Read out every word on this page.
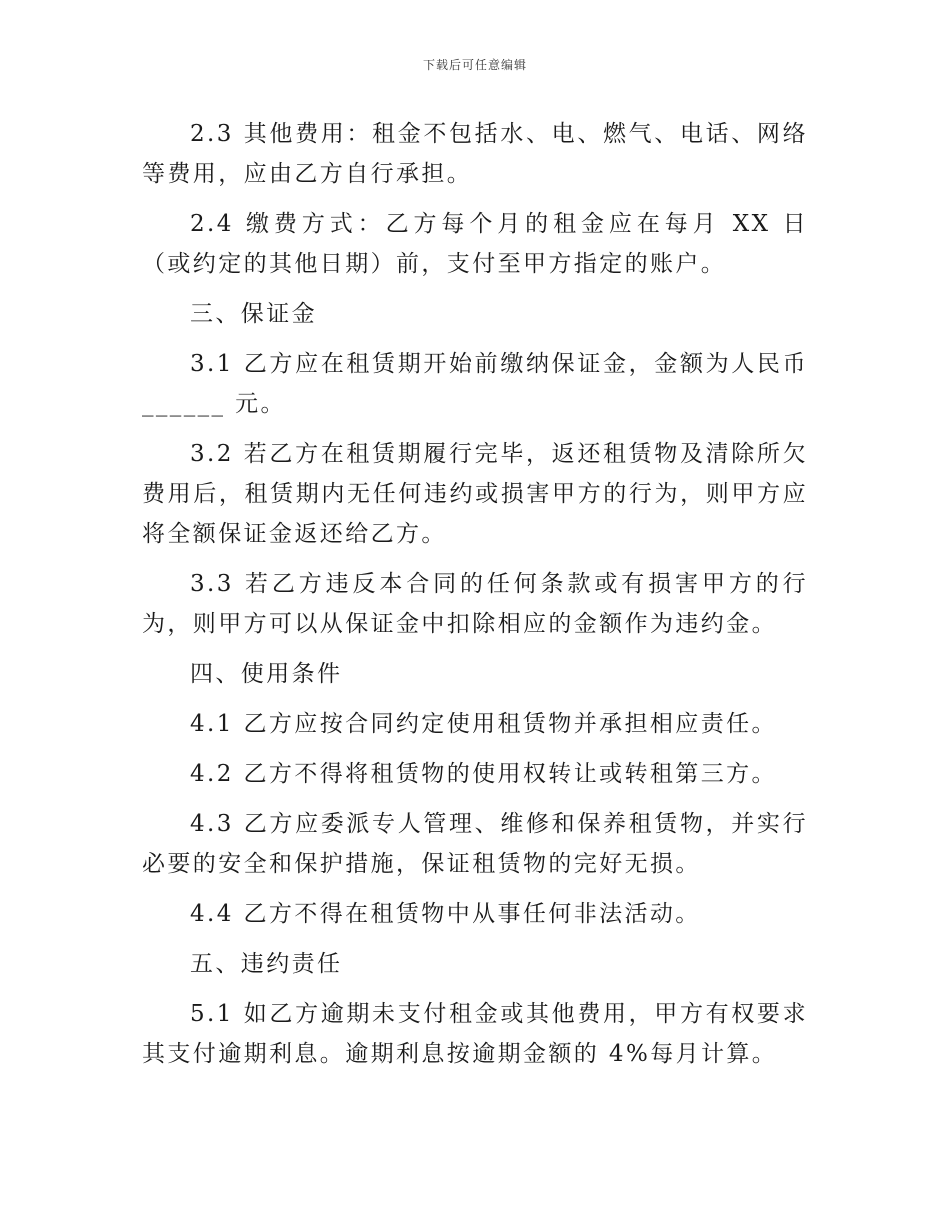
下载后可任意编辑

2.3 其他费用：租金不包括水、电、燃气、电话、网络等费用，应由乙方自行承担。

2.4 缴费方式：乙方每个月的租金应在每月 XX 日（或约定的其他日期）前，支付至甲方指定的账户。

三、保证金

3.1 乙方应在租赁期开始前缴纳保证金，金额为人民币 ______ 元。

3.2 若乙方在租赁期履行完毕，返还租赁物及清除所欠费用后，租赁期内无任何违约或损害甲方的行为，则甲方应将全额保证金返还给乙方。

3.3 若乙方违反本合同的任何条款或有损害甲方的行为，则甲方可以从保证金中扣除相应的金额作为违约金。

四、使用条件

4.1 乙方应按合同约定使用租赁物并承担相应责任。

4.2 乙方不得将租赁物的使用权转让或转租第三方。

4.3 乙方应委派专人管理、维修和保养租赁物，并实行必要的安全和保护措施，保证租赁物的完好无损。

4.4 乙方不得在租赁物中从事任何非法活动。

五、违约责任

5.1 如乙方逾期未支付租金或其他费用，甲方有权要求其支付逾期利息。逾期利息按逾期金额的 4%每月计算。
